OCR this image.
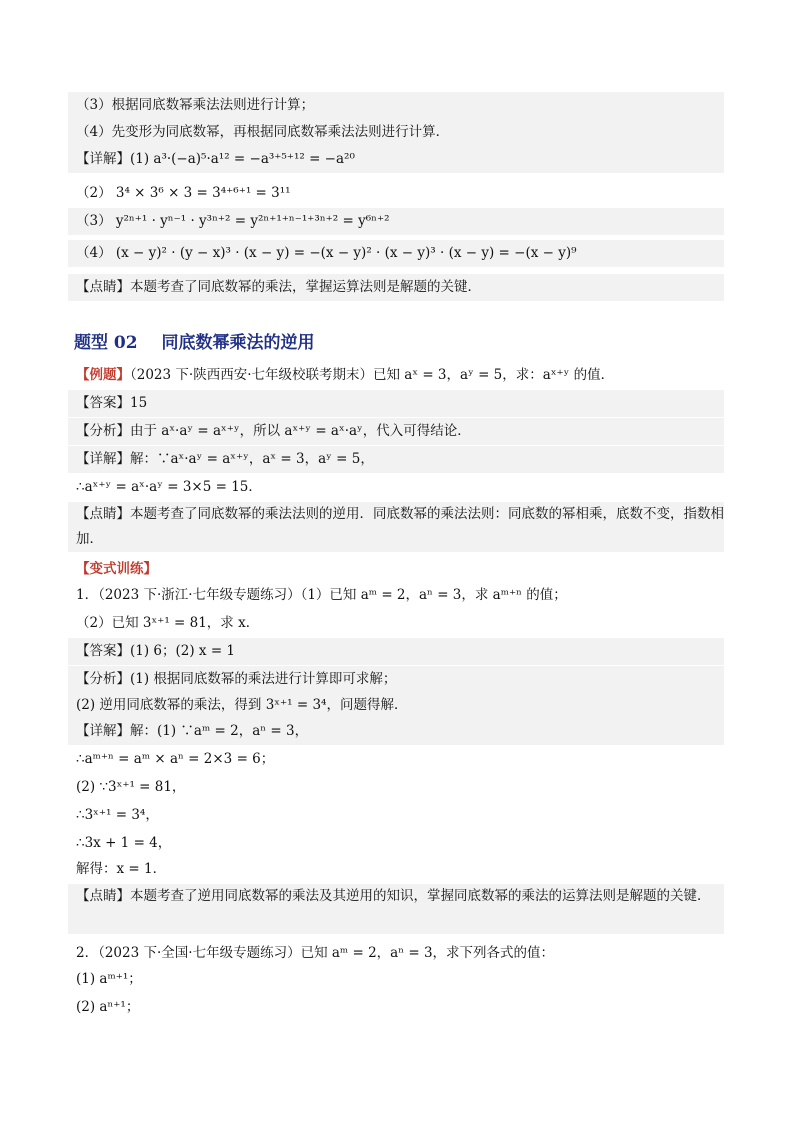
（3）根据同底数幂乘法法则进行计算；
（4）先变形为同底数幂，再根据同底数幂乘法法则进行计算．
【详解】(1) a³·(−a)⁵·a¹² = −a³⁺⁵⁺¹² = −a²⁰
（2） 3⁴ × 3⁶ × 3 = 3⁴⁺⁶⁺¹ = 3¹¹
（3） y²ⁿ⁺¹ · yⁿ⁻¹ · y³ⁿ⁺² = y²ⁿ⁺¹⁺ⁿ⁻¹⁺³ⁿ⁺² = y⁶ⁿ⁺²
（4） (x − y)² · (y − x)³ · (x − y) = −(x − y)² · (x − y)³ · (x − y) = −(x − y)⁹
【点睛】本题考查了同底数幂的乘法，掌握运算法则是解题的关键．
题型 02 同底数幂乘法的逆用
【例题】（2023 下·陕西西安·七年级校联考期末）已知 aˣ = 3，aʸ = 5，求：aˣ⁺ʸ 的值．
【答案】15
【分析】由于 aˣ·aʸ = aˣ⁺ʸ，所以 aˣ⁺ʸ = aˣ·aʸ，代入可得结论．
【详解】解：∵aˣ·aʸ = aˣ⁺ʸ，aˣ = 3，aʸ = 5，
∴aˣ⁺ʸ = aˣ·aʸ = 3×5 = 15．
【点睛】本题考查了同底数幂的乘法法则的逆用．同底数幂的乘法法则：同底数的幂相乘，底数不变，指数相加．
【变式训练】
1．（2023 下·浙江·七年级专题练习）（1）已知 aᵐ = 2，aⁿ = 3，求 aᵐ⁺ⁿ 的值；
（2）已知 3ˣ⁺¹ = 81，求 x．
【答案】(1) 6；(2) x = 1
【分析】(1) 根据同底数幂的乘法进行计算即可求解；
(2) 逆用同底数幂的乘法，得到 3ˣ⁺¹ = 3⁴，问题得解．
【详解】解：(1) ∵aᵐ = 2，aⁿ = 3，
∴aᵐ⁺ⁿ = aᵐ × aⁿ = 2×3 = 6；
(2) ∵3ˣ⁺¹ = 81，
∴3ˣ⁺¹ = 3⁴，
∴3x + 1 = 4，
解得：x = 1．
【点睛】本题考查了逆用同底数幂的乘法及其逆用的知识，掌握同底数幂的乘法的运算法则是解题的关键．
2．（2023 下·全国·七年级专题练习）已知 aᵐ = 2，aⁿ = 3，求下列各式的值：
(1) aᵐ⁺¹；
(2) aⁿ⁺¹；
